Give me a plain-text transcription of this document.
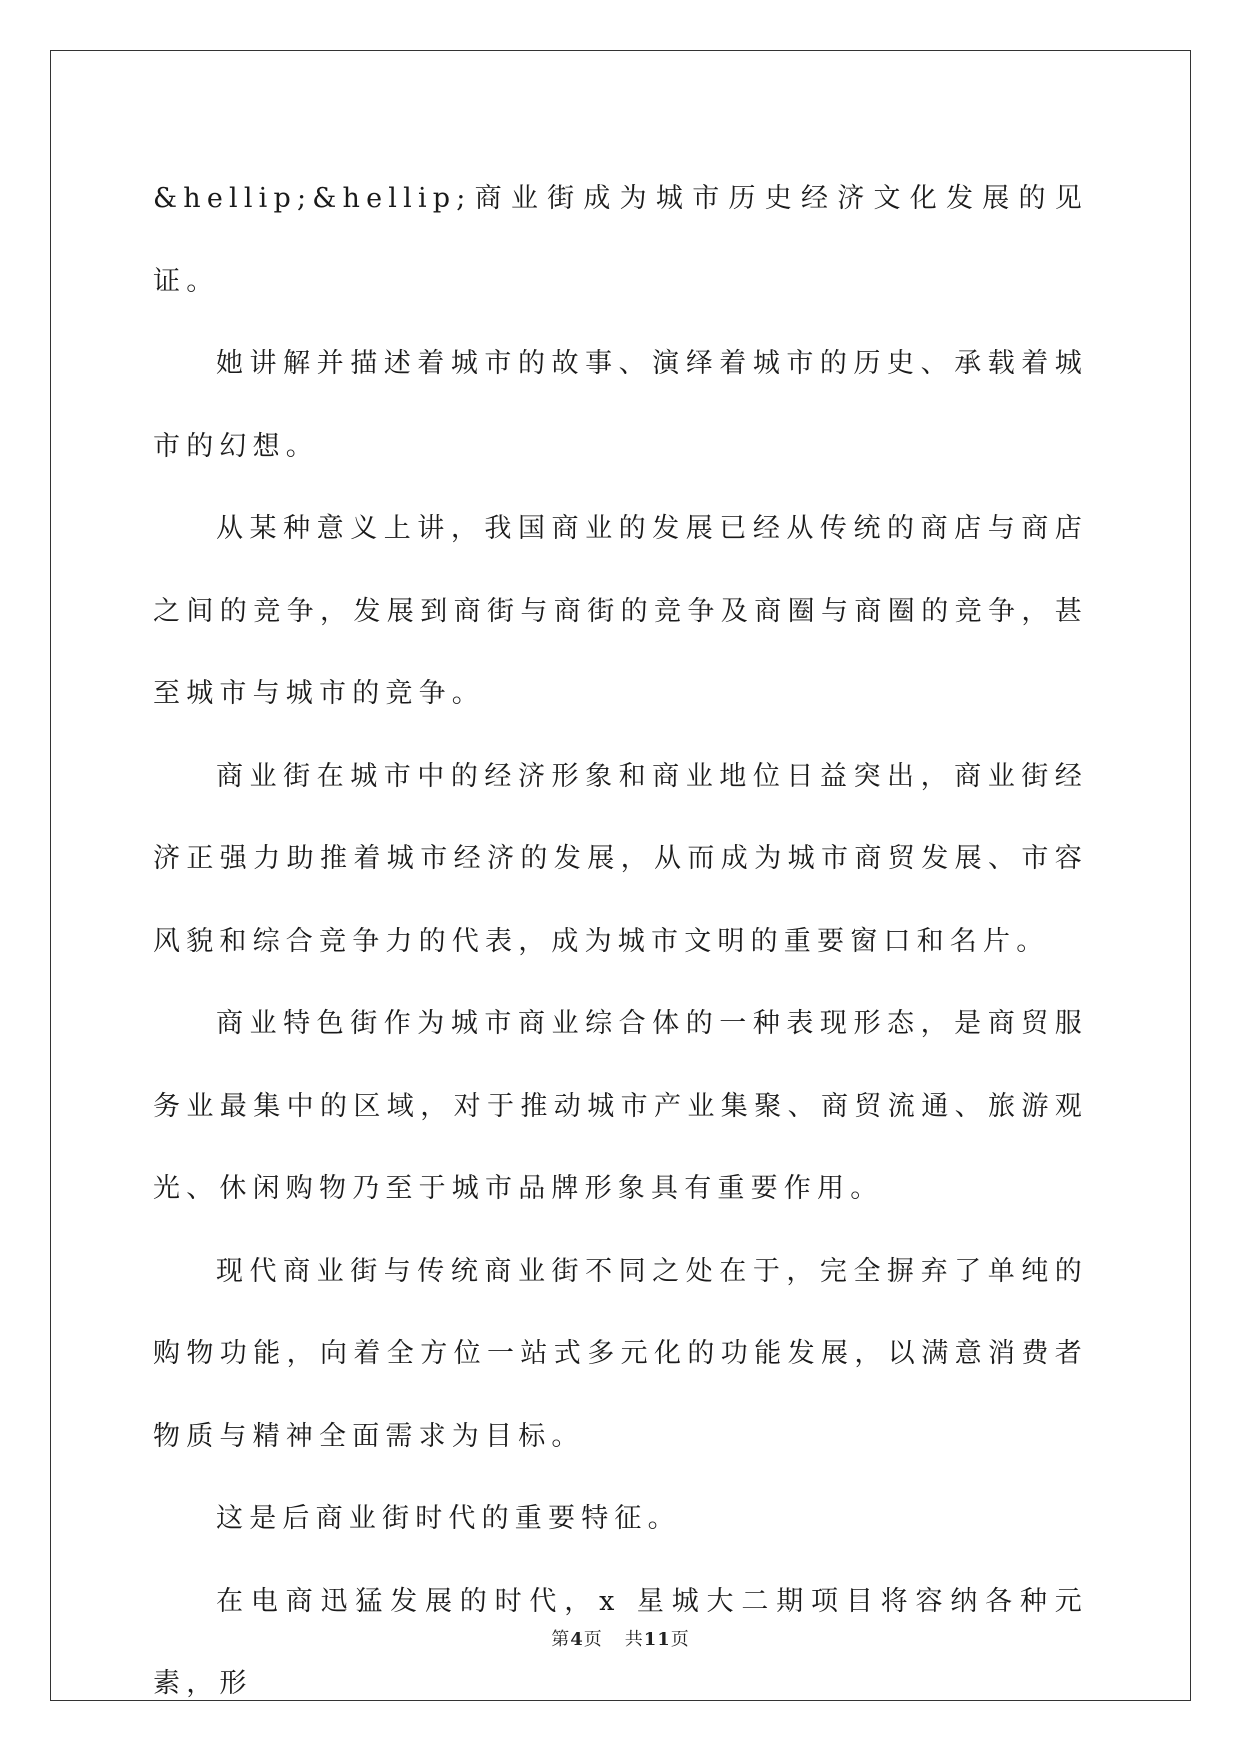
&hellip;&hellip;商业街成为城市历史经济文化发展的见证。

她讲解并描述着城市的故事、演绎着城市的历史、承载着城市的幻想。

从某种意义上讲，我国商业的发展已经从传统的商店与商店之间的竞争，发展到商街与商街的竞争及商圈与商圈的竞争，甚至城市与城市的竞争。

商业街在城市中的经济形象和商业地位日益突出，商业街经济正强力助推着城市经济的发展，从而成为城市商贸发展、市容风貌和综合竞争力的代表，成为城市文明的重要窗口和名片。

商业特色街作为城市商业综合体的一种表现形态，是商贸服务业最集中的区域，对于推动城市产业集聚、商贸流通、旅游观光、休闲购物乃至于城市品牌形象具有重要作用。

现代商业街与传统商业街不同之处在于，完全摒弃了单纯的购物功能，向着全方位一站式多元化的功能发展，以满意消费者物质与精神全面需求为目标。

这是后商业街时代的重要特征。

在电商迅猛发展的时代，x 星城大二期项目将容纳各种元素，形

第4页 共11页
